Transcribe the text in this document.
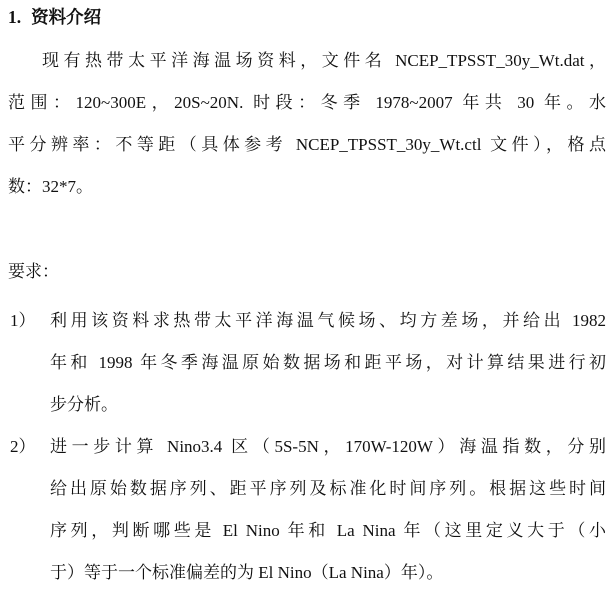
1. 资料介绍
现有热带太平洋海温场资料，文件名 NCEP_TPSST_30y_Wt.dat，
范围：120~300E，20S~20N. 时段：冬季 1978~2007 年共 30 年。水
平分辨率：不等距（具体参考 NCEP_TPSST_30y_Wt.ctl 文件），格点
数：32*7。
要求：
1） 利用该资料求热带太平洋海温气候场、均方差场，并给出 1982
年和 1998 年冬季海温原始数据场和距平场，对计算结果进行初
步分析。
2） 进一步计算 Nino3.4 区（5S-5N，170W-120W）海温指数，分别
给出原始数据序列、距平序列及标准化时间序列。根据这些时间
序列，判断哪些是 El Nino 年和 La Nina 年（这里定义大于（小
于）等于一个标准偏差的为 El Nino（La Nina）年）。
